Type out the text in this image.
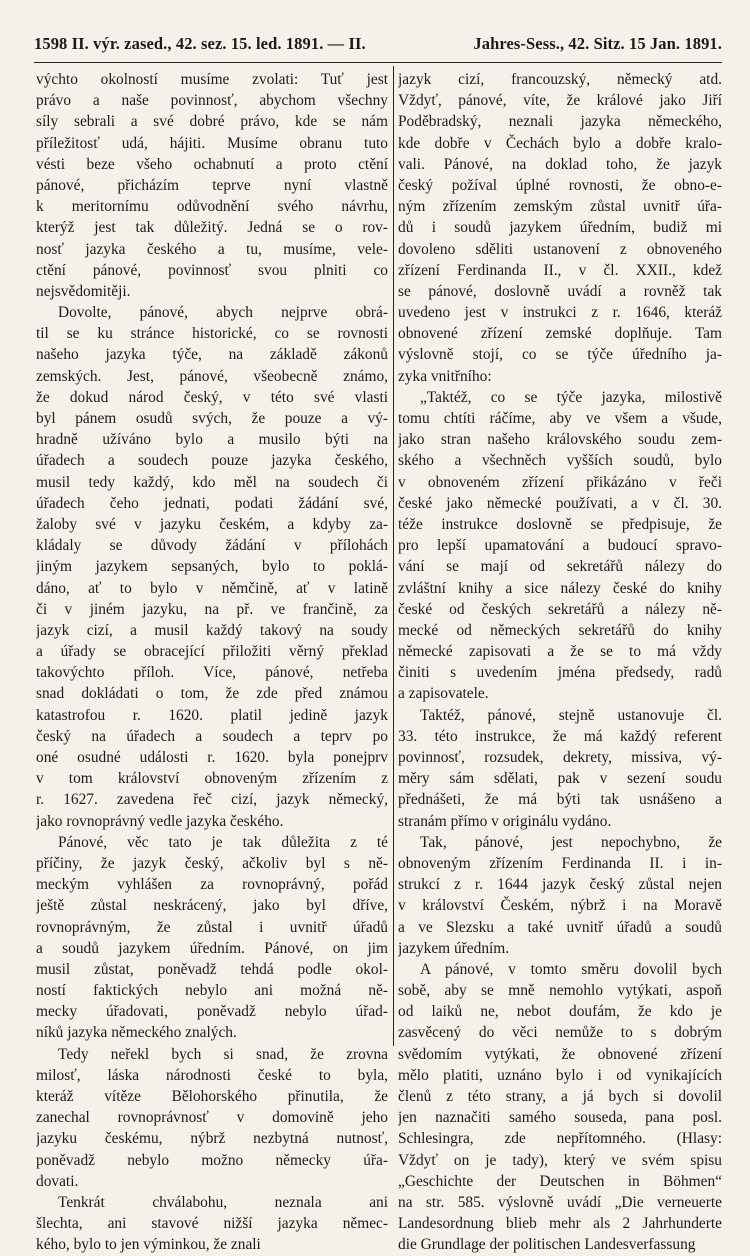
1598 II. výr. zased., 42. sez. 15. led. 1891. — II.	Jahres-Sess., 42. Sitz. 15 Jan. 1891.
výchto okolností musíme zvolati: Tuť jest
právo a naše povinnosť, abychom všechny
síly sebrali a své dobré právo, kde se nám
příležitosť udá, hájiti. Musíme obranu tuto
vésti beze všeho ochabnutí a proto ctění
pánové, přicházím teprve nyní vlastně
k meritornímu odůvodnění svého návrhu,
kterýž jest tak důležitý. Jedná se o rov-
nosť jazyka českého a tu, musíme, vele-
ctění pánové, povinnosť svou plniti co
nejsvědomitěji.
Dovolte, pánové, abych nejprve obrá-
til se ku stránce historické, co se rovnosti
našeho jazyka týče, na základě zákonů
zemských. Jest, pánové, všeobecně známo,
že dokud národ český, v této své vlasti
byl pánem osudů svých, že pouze a vý-
hradně užíváno bylo a musilo býti na
úřadech a soudech pouze jazyka českého,
musil tedy každý, kdo měl na soudech či
úřadech čeho jednati, podati žádání své,
žaloby své v jazyku českém, a kdyby za-
kládaly se důvody žádání v přílohách
jiným jazykem sepsaných, bylo to poklá-
dáno, ať to bylo v němčině, ať v latině
či v jiném jazyku, na př. ve frančině, za
jazyk cizí, a musil každý takový na soudy
a úřady se obracející přiložiti věrný překlad
takovýchto příloh. Více, pánové, netřeba
snad dokládati o tom, že zde před známou
katastrofou r. 1620. platil jedině jazyk
český na úřadech a soudech a teprv po
oné osudné události r. 1620. byla ponejprv
v tom království obnoveným zřízením z
r. 1627. zavedena řeč cizí, jazyk německý,
jako rovnoprávný vedle jazyka českého.
Pánové, věc tato je tak důležita z té
příčiny, že jazyk český, ačkoliv byl s ně-
meckým vyhlášen za rovnoprávný, pořád
ještě zůstal neskrácený, jako byl dříve,
rovnoprávným, že zůstal i uvnitř úřadů
a soudů jazykem úředním. Pánové, on jim
musil zůstat, poněvadž tehdá podle okol-
ností faktických nebylo ani možná ně-
mecky úřadovati, poněvadž nebylo úřad-
níků jazyka německého znalých.
Tedy neřekl bych si snad, že zrovna
milosť, láska národnosti české to byla,
kteráž vítěze Bělohorského přinutila, že
zanechal rovnoprávnosť v domovině jeho
jazyku českému, nýbrž nezbytná nutnosť,
poněvadž nebylo možno německy úřa-
dovati.
Tenkrát chválabohu, neznala ani
šlechta, ani stavové nižší jazyka němec-
kého, bylo to jen výminkou, že znali
jazyk cizí, francouzský, německý atd.
Vždyť, pánové, víte, že králové jako Jiří
Poděbradský, neznali jazyka německého,
kde dobře v Čechách bylo a dobře kralo-
vali. Pánové, na doklad toho, že jazyk
český požíval úplné rovnosti, že obno-e-
ným zřízením zemským zůstal uvnitř úřa-
dů i soudů jazykem úředním, budiž mi
dovoleno sděliti ustanovení z obnoveného
zřízení Ferdinanda II., v čl. XXII., kdež
se pánové, doslovně uvádí a rovněž tak
uvedeno jest v instrukci z r. 1646, kteráž
obnovené zřízení zemské doplňuje. Tam
výslovně stojí, co se týče úředního ja-
zyka vnitřního:
„Taktéž, co se týče jazyka, milostivě
tomu chtíti ráčíme, aby ve všem a všude,
jako stran našeho královského soudu zem-
ského a všechněch vyšších soudů, bylo
v obnoveném zřízení přikázáno v řeči
české jako německé používati, a v čl. 30.
téže instrukce doslovně se předpisuje, že
pro lepší upamatování a budoucí spravo-
vání se mají od sekretářů nálezy do
zvláštní knihy a sice nálezy české do knihy
české od českých sekretářů a nálezy ně-
mecké od německých sekretářů do knihy
německé zapisovati a že se to má vždy
činiti s uvedením jména předsedy, radů
a zapisovatele.
Taktéž, pánové, stejně ustanovuje čl.
33. této instrukce, že má každý referent
povinnosť, rozsudek, dekrety, missiva, vý-
měry sám sdělati, pak v sezení soudu
přednášeti, že má býti tak usnášeno a
stranám přímo v originálu vydáno.
Tak, pánové, jest nepochybno, že
obnoveným zřízením Ferdinanda II. i in-
strukcí z r. 1644 jazyk český zůstal nejen
v království Českém, nýbrž i na Moravě
a ve Slezsku a také uvnitř úřadů a soudů
jazykem úředním.
A pánové, v tomto směru dovolil bych
sobě, aby se mně nemohlo vytýkati, aspoň
od laiků ne, nebot doufám, že kdo je
zasvěcený do věci nemůže to s dobrým
svědomím vytýkati, že obnovené zřízení
mělo platiti, uznáno bylo i od vynikajících
členů z této strany, a já bych si dovolil
jen naznačiti samého souseda, pana posl.
Schlesingra, zde nepřítomného. (Hlasy:
Vždyť on je tady), který ve svém spisu
„Geschichte der Deutschen in Böhmen“
na str. 585. výslovně uvádí „Die verneuerte
Landesordnung blieb mehr als 2 Jahrhunderte
die Grundlage der politischen Landesverfassung
